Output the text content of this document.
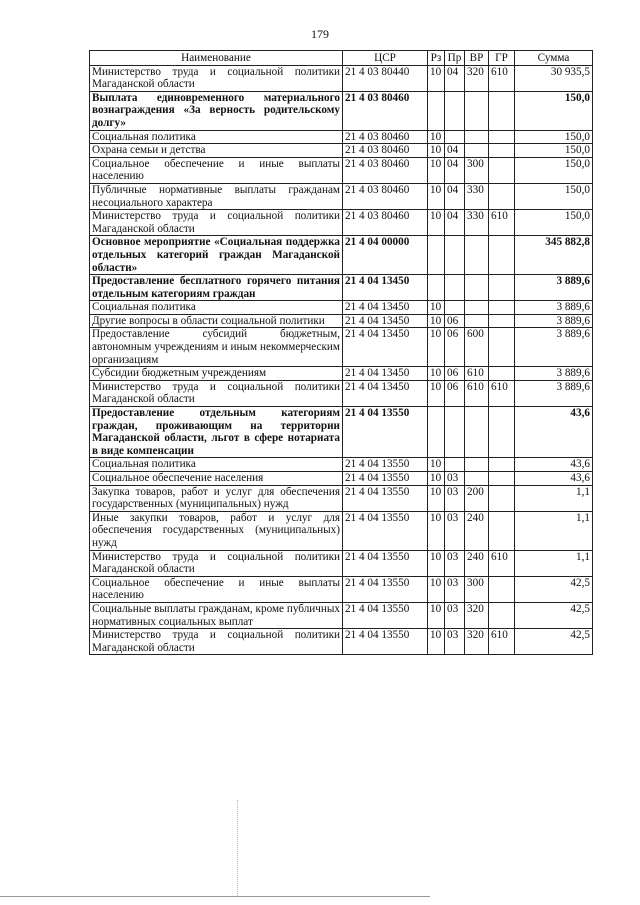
179
Наименование	ЦСР	Рз	Пр	ВР	ГР	Сумма
Министерство труда и социальной политики Магаданской области	21 4 03 80440	10	04	320	610	30 935,5
Выплата единовременного материального вознаграждения «За верность родительскому долгу»	21 4 03 80460					150,0
Социальная политика	21 4 03 80460	10				150,0
Охрана семьи и детства	21 4 03 80460	10	04			150,0
Социальное обеспечение и иные выплаты населению	21 4 03 80460	10	04	300		150,0
Публичные нормативные выплаты гражданам несоциального характера	21 4 03 80460	10	04	330		150,0
Министерство труда и социальной политики Магаданской области	21 4 03 80460	10	04	330	610	150,0
Основное мероприятие «Социальная поддержка отдельных категорий граждан Магаданской области»	21 4 04 00000					345 882,8
Предоставление бесплатного горячего питания отдельным категориям граждан	21 4 04 13450					3 889,6
Социальная политика	21 4 04 13450	10				3 889,6
Другие вопросы в области социальной политики	21 4 04 13450	10	06			3 889,6
Предоставление субсидий бюджетным, автономным учреждениям и иным некоммерческим организациям	21 4 04 13450	10	06	600		3 889,6
Субсидии бюджетным учреждениям	21 4 04 13450	10	06	610		3 889,6
Министерство труда и социальной политики Магаданской области	21 4 04 13450	10	06	610	610	3 889,6
Предоставление отдельным категориям граждан, проживающим на территории Магаданской области, льгот в сфере нотариата в виде компенсации	21 4 04 13550					43,6
Социальная политика	21 4 04 13550	10				43,6
Социальное обеспечение населения	21 4 04 13550	10	03			43,6
Закупка товаров, работ и услуг для обеспечения государственных (муниципальных) нужд	21 4 04 13550	10	03	200		1,1
Иные закупки товаров, работ и услуг для обеспечения государственных (муниципальных) нужд	21 4 04 13550	10	03	240		1,1
Министерство труда и социальной политики Магаданской области	21 4 04 13550	10	03	240	610	1,1
Социальное обеспечение и иные выплаты населению	21 4 04 13550	10	03	300		42,5
Социальные выплаты гражданам, кроме публичных нормативных социальных выплат	21 4 04 13550	10	03	320		42,5
Министерство труда и социальной политики Магаданской области	21 4 04 13550	10	03	320	610	42,5
